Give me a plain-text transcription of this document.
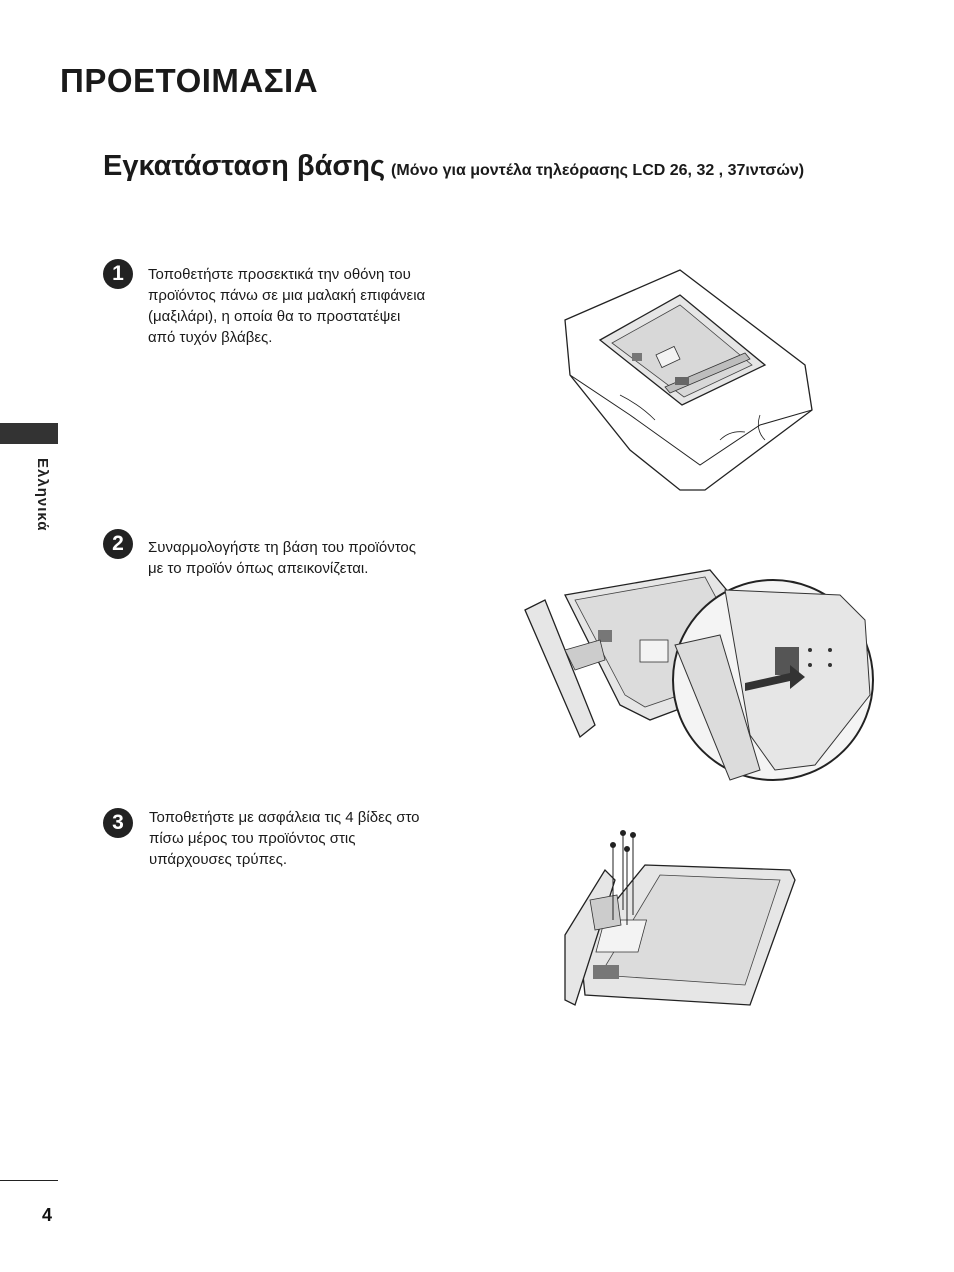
ΠΡΟΕΤΟΙΜΑΣΙΑ
Εγκατάσταση βάσης (Μόνο για μοντέλα τηλεόρασης LCD 26, 32 , 37ιντσών)
Ελληνικά
1	Τοποθετήστε προσεκτικά την οθόνη του
προϊόντος πάνω σε μια μαλακή επιφάνεια
(μαξιλάρι), η οποία θα το προστατέψει
από τυχόν βλάβες.
2	Συναρμολογήστε τη βάση του προϊόντος
με το προϊόν όπως απεικονίζεται.
3	Τοποθετήστε με ασφάλεια τις 4 βίδες στο
πίσω μέρος του προϊόντος στις
υπάρχουσες τρύπες.
4
